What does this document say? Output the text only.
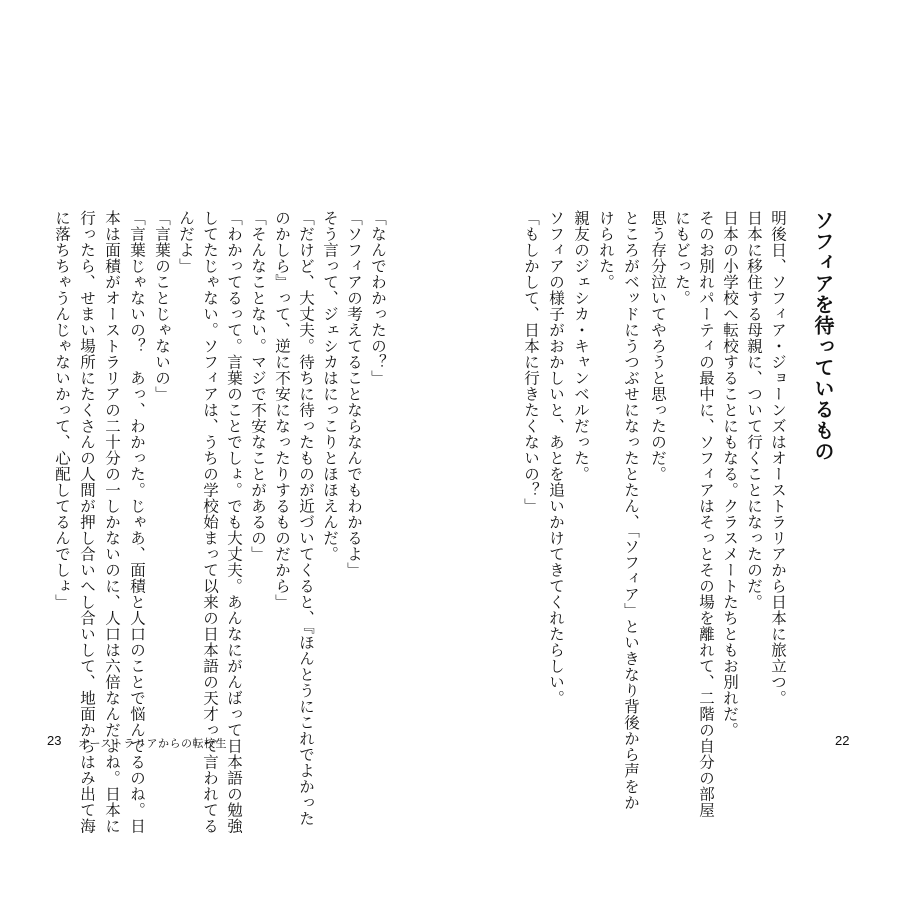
ソフィアを待っているもの
明後日、ソフィア・ジョーンズはオーストラリアから日本に旅立つ。
日本に移住する母親に、ついて行くことになったのだ。
日本の小学校へ転校することにもなる。クラスメートたちともお別れだ。
そのお別れパーティの最中に、ソフィアはそっとその場を離れて、二階の自分の部屋
にもどった。
思う存分泣いてやろうと思ったのだ。
ところがベッドにうつぶせになったとたん、「ソフィア」といきなり背後から声をか
けられた。
親友のジェシカ・キャンベルだった。
ソフィアの様子がおかしいと、あとを追いかけてきてくれたらしい。
「もしかして、日本に行きたくないの？」
22
「なんでわかったの？」
「ソフィアの考えてることならなんでもわかるよ」
そう言って、ジェシカはにっこりとほほえんだ。
「だけど、大丈夫。待ちに待ったものが近づいてくると、『ほんとうにこれでよかった
のかしら』って、逆に不安になったりするものだから」
「そんなことない。マジで不安なことがあるの」
「わかってるって。言葉のことでしょ。でも大丈夫。あんなにがんばって日本語の勉強
してたじゃない。ソフィアは、うちの学校始まって以来の日本語の天才って言われてる
んだよ」
「言葉のことじゃないの」
「言葉じゃないの？　あっ、わかった。じゃあ、面積と人口のことで悩んでるのね。日
本は面積がオーストラリアの二十分の一しかないのに、人口は六倍なんだよね。日本に
行ったら、せまい場所にたくさんの人間が押し合いへし合いして、地面からはみ出て海
に落ちちゃうんじゃないかって、心配してるんでしょ」
23 オーストラリアからの転校生
